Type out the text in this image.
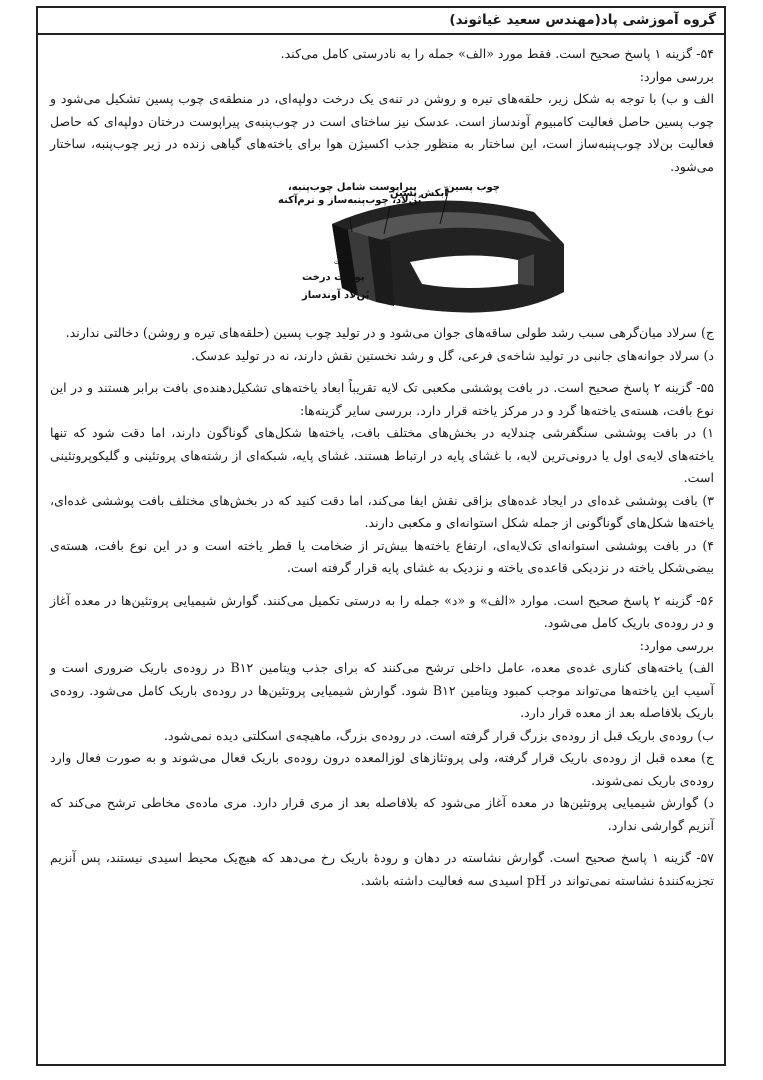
گروه آموزشی پاد(مهندس سعید غیاثوند)

۵۴- گزینه ۱ پاسخ صحیح است. فقط مورد «الف» جمله را به نادرستی کامل می‌کند.

بررسی موارد:

الف و ب) با توجه به شکل زیر، حلقه‌های تیره و روشن در تنه‌ی یک درخت دولپه‌ای، در منطقه‌ی چوب پسین تشکیل می‌شود و چوب پسین حاصل فعالیت کامبیوم آوندساز است. عدسک نیز ساختای است در چوب‌پنبه‌ی پیراپوست درختان دولپه‌ای که حاصل فعالیت بن‌لاد چوب‌پنبه‌ساز است، این ساختار به منظور جذب اکسیژن هوا برای یاخته‌های گیاهی زنده در زیر چوب‌پنبه، ساختار می‌شود.

چوب پسین
آبکش پسین
پیراپوست شامل چوب‌پنبه،
بُن‌لاد، چوب‌پنبه‌ساز و نرم‌آکنه
پوست
پوست درخت
بُن‌لاد آوندساز

ج) سرلاد میان‌گرهی سبب رشد طولی ساقه‌های جوان می‌شود و در تولید چوب پسین (حلقه‌های تیره و روشن) دخالتی ندارند.

د) سرلاد جوانه‌های جانبی در تولید شاخه‌ی فرعی، گل و رشد نخستین نقش دارند، نه در تولید عدسک.

۵۵- گزینه ۲ پاسخ صحیح است. در بافت پوششی مکعبی تک لایه تقریباً ابعاد یاخته‌های تشکیل‌دهنده‌ی بافت برابر هستند و در این نوع بافت، هسته‌ی یاخته‌ها گرد و در مرکز یاخته قرار دارد. بررسی سایر گزینه‌ها:

۱) در بافت پوششی سنگفرشی چندلایه در بخش‌های مختلف بافت، یاخته‌ها شکل‌های گوناگون دارند، اما دقت شود که تنها یاخته‌های لایه‌ی اول یا درونی‌ترین لایه، با غشای پایه در ارتباط هستند. غشای پایه، شبکه‌ای از رشته‌های پروتئینی و گلیکوپروتئینی است.

۳) بافت پوششی غده‌ای در ایجاد غده‌های بزاقی نقش ایفا می‌کند، اما دقت کنید که در بخش‌های مختلف بافت پوششی غده‌ای، یاخته‌ها شکل‌های گوناگونی از جمله شکل استوانه‌ای و مکعبی دارند.

۴) در بافت پوششی استوانه‌ای تک‌لایه‌ای، ارتفاع یاخته‌ها بیش‌تر از ضخامت یا قطر یاخته است و در این نوع بافت، هسته‌ی بیضی‌شکل یاخته در نزدیکی قاعده‌ی یاخته و نزدیک به غشای پایه قرار گرفته است.

۵۶- گزینه ۲ پاسخ صحیح است. موارد «الف» و «د» جمله را به درستی تکمیل می‌کنند. گوارش شیمیایی پروتئین‌ها در معده آغاز و در روده‌ی باریک کامل می‌شود.

بررسی موارد:

الف) یاخته‌های کناری غده‌ی معده، عامل داخلی ترشح می‌کنند که برای جذب ویتامین B۱۲ در روده‌ی باریک ضروری است و آسیب این یاخته‌ها می‌تواند موجب کمبود ویتامین B۱۲ شود. گوارش شیمیایی پروتئین‌ها در روده‌ی باریک کامل می‌شود. روده‌ی باریک بلافاصله بعد از معده قرار دارد.

ب) روده‌ی باریک قبل از روده‌ی بزرگ قرار گرفته است. در روده‌ی بزرگ، ماهیچه‌ی اسکلتی دیده نمی‌شود.

ج) معده قبل از روده‌ی باریک قرار گرفته، ولی پروتئازهای لوزالمعده درون روده‌ی باریک فعال می‌شوند و به صورت فعال وارد روده‌ی باریک نمی‌شوند.

د) گوارش شیمیایی پروتئین‌ها در معده آغاز می‌شود که بلافاصله بعد از مری قرار دارد. مری ماده‌ی مخاطی ترشح می‌کند که آنزیم گوارشی ندارد.

۵۷- گزینه ۱ پاسخ صحیح است. گوارش نشاسته در دهان و روده‌ٔ باریک رخ می‌دهد که هیچ‌یک محیط اسیدی نیستند، پس آنزیم تجزیه‌کننده‌ٔ نشاسته نمی‌تواند در pH اسیدی سه فعالیت داشته باشد.
